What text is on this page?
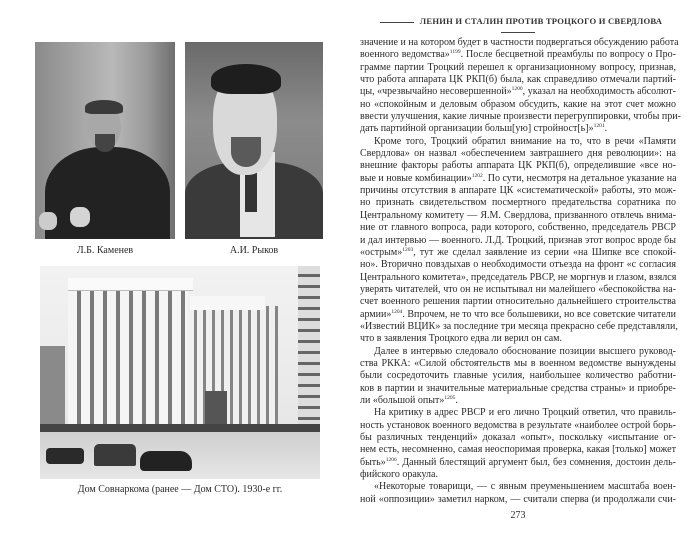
Л.Б. Каменев	А.И. Рыков
Дом Совнаркома (ранее — Дом СТО). 1930-е гг.
ЛЕНИН И СТАЛИН ПРОТИВ ТРОЦКОГО И СВЕРДЛОВА
значение и на котором будет в частности подвергаться обсуждению работа
военного ведомства»$^{1199}$. После бесцветной преамбулы по вопросу о Про-
грамме партии Троцкий перешел к организационному вопросу, признав,
что работа аппарата ЦК РКП(б) была, как справедливо отмечали партий-
цы, «чрезвычайно несовершенной»$^{1200}$, указал на необходимость абсолют-
но «спокойным и деловым образом обсудить, какие на этот счет можно
ввести улучшения, какие личные произвести перегруппировки, чтобы при-
дать партийной организации больш[ую] стройност[ь]»$^{1201}$.
Кроме того, Троцкий обратил внимание на то, что в речи «Памяти
Свердлова» он назвал «обеспечением завтрашнего дня революции»: на
внешние факторы работы аппарата ЦК РКП(б), определившие «все но-
вые и новые комбинации»$^{1202}$. По сути, несмотря на детальное указание на
причины отсутствия в аппарате ЦК «систематической» работы, это мож-
но признать свидетельством посмертного предательства соратника по
Центральному комитету — Я.М. Свердлова, призванного отвлечь внима-
ние от главного вопроса, ради которого, собственно, председатель РВСР
и дал интервью — военного. Л.Д. Троцкий, признав этот вопрос вроде бы
«острым»$^{1203}$, тут же сделал заявление из серии «на Шипке все спокой-
но». Вторично повздыхав о необходимости отъезда на фронт «с согласия
Центрального комитета», председатель РВСР, не моргнув и глазом, взялся
уверять читателей, что он не испытывал ни малейшего «беспокойства на-
счет военного решения партии относительно дальнейшего строительства
армии»$^{1204}$. Впрочем, не то что все большевики, но все советские читатели
«Известий ВЦИК» за последние три месяца прекрасно себе представляли,
что в заявления Троцкого едва ли верил он сам.
Далее в интервью следовало обоснование позиции высшего руковод-
ства РККА: «Силой обстоятельств мы в военном ведомстве вынуждены
были сосредоточить главные усилия, наибольшее количество работни-
ков в партии и значительные материальные средства страны» и приобре-
ли «большой опыт»$^{1205}$.
На критику в адрес РВСР и его лично Троцкий ответил, что правиль-
ность установок военного ведомства в результате «наиболее острой борь-
бы различных тенденций» доказал «опыт», поскольку «испытание ог-
нем есть, несомненно, самая неоспоримая проверка, какая [только] может
быть»$^{1206}$. Данный блестящий аргумент был, без сомнения, достоин дель-
фийского оракула.
«Некоторые товарищи, — с явным преуменьшением масштаба воен-
ной «оппозиции» заметил нарком, — считали сперва (и продолжали счи-
273
